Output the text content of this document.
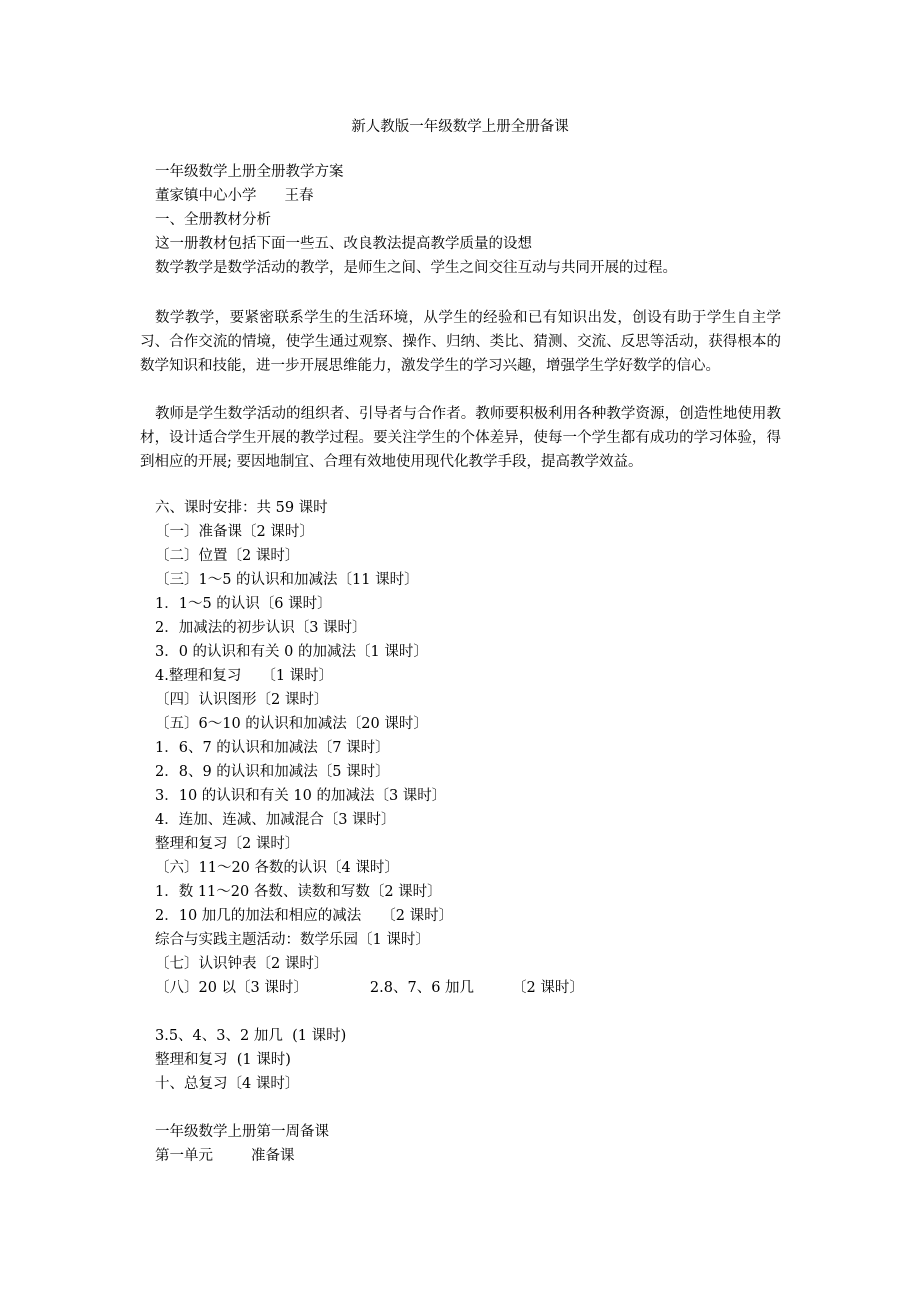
新人教版一年级数学上册全册备课
一年级数学上册全册教学方案
董家镇中心小学 王春
一、全册教材分析
这一册教材包括下面一些五、改良教法提高教学质量的设想
数学教学是数学活动的教学，是师生之间、学生之间交往互动与共同开展的过程。
数学教学，要紧密联系学生的生活环境，从学生的经验和已有知识出发，创设有助于学生自主学习、合作交流的情境，使学生通过观察、操作、归纳、类比、猜测、交流、反思等活动，获得根本的数学知识和技能，进一步开展思维能力，激发学生的学习兴趣，增强学生学好数学的信心。
教师是学生数学活动的组织者、引导者与合作者。教师要积极利用各种教学资源，创造性地使用教材，设计适合学生开展的教学过程。要关注学生的个体差异，使每一个学生都有成功的学习体验，得到相应的开展; 要因地制宜、合理有效地使用现代化教学手段，提高教学效益。
六、课时安排：共 59 课时
〔一〕准备课〔2 课时〕
〔二〕位置〔2 课时〕
〔三〕1～5 的认识和加减法〔11 课时〕
1．1～5 的认识〔6 课时〕
2．加减法的初步认识〔3 课时〕
3．0 的认识和有关 0 的加减法〔1 课时〕
4.整理和复习 〔1 课时〕
〔四〕认识图形〔2 课时〕
〔五〕6～10 的认识和加减法〔20 课时〕
1．6、7 的认识和加减法〔7 课时〕
2．8、9 的认识和加减法〔5 课时〕
3．10 的认识和有关 10 的加减法〔3 课时〕
4．连加、连减、加减混合〔3 课时〕
整理和复习〔2 课时〕
〔六〕11～20 各数的认识〔4 课时〕
1．数 11～20 各数、读数和写数〔2 课时〕
2．10 加几的加法和相应的减法 〔2 课时〕
综合与实践主题活动：数学乐园〔1 课时〕
〔七〕认识钟表〔2 课时〕
〔八〕20 以〔3 课时〕	2.8、7、6 加几	〔2 课时〕
3.5、4、3、2 加几 (1 课时)
整理和复习 (1 课时)
十、总复习〔4 课时〕
一年级数学上册第一周备课
第一单元	准备课
